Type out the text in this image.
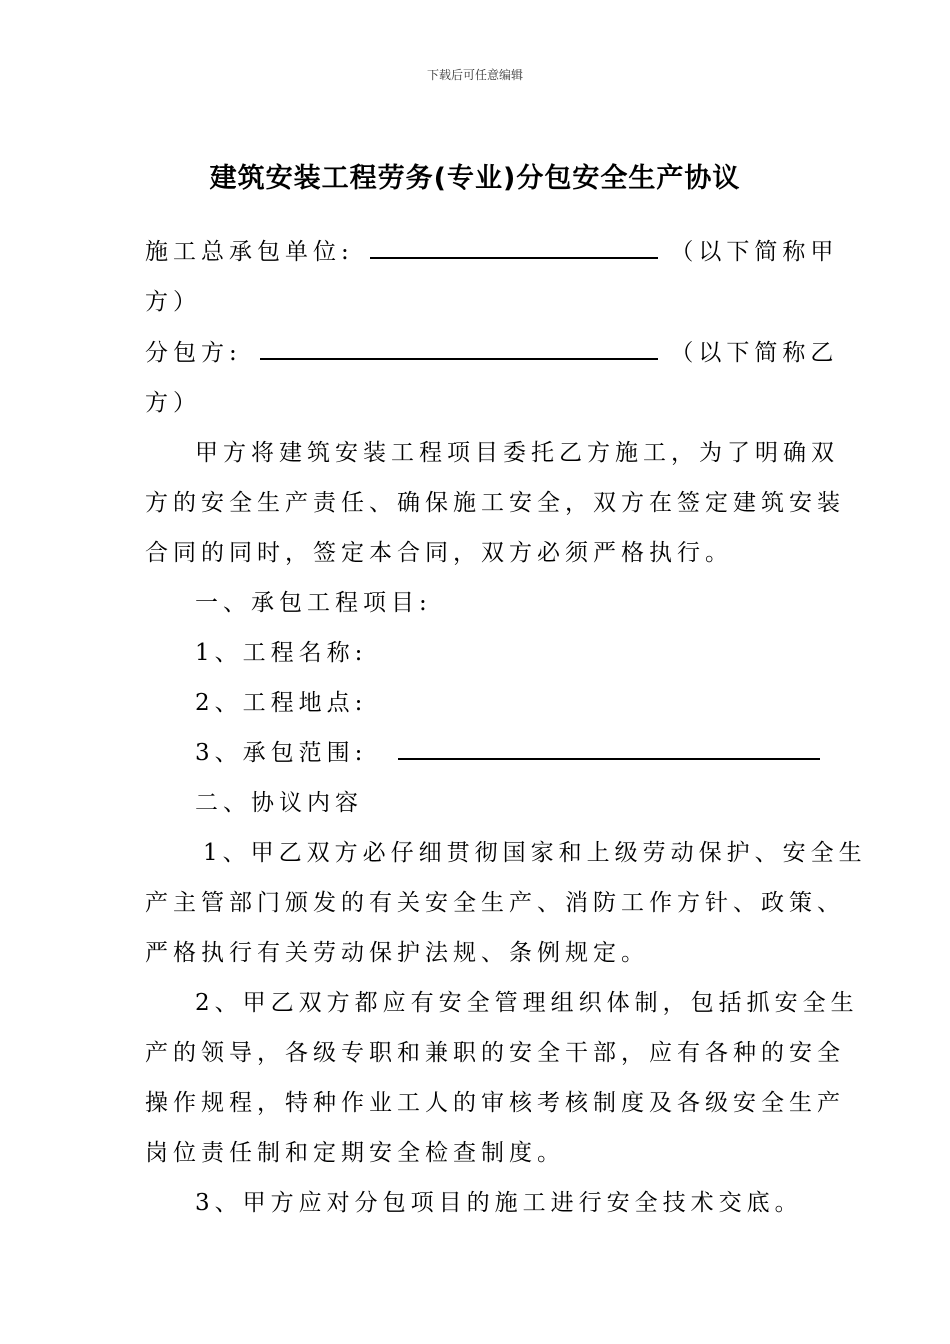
下载后可任意编辑
建筑安装工程劳务(专业)分包安全生产协议
施工总承包单位:	（以下简称甲
方）
分包方:	（以下简称乙
方）
甲方将建筑安装工程项目委托乙方施工，为了明确双
方的安全生产责任、确保施工安全，双方在签定建筑安装
合同的同时，签定本合同，双方必须严格执行。
一、承包工程项目:
1、工程名称:
2、工程地点:
3、承包范围:
二、协议内容
1、甲乙双方必仔细贯彻国家和上级劳动保护、安全生
产主管部门颁发的有关安全生产、消防工作方针、政策、
严格执行有关劳动保护法规、条例规定。
2、甲乙双方都应有安全管理组织体制，包括抓安全生
产的领导，各级专职和兼职的安全干部，应有各种的安全
操作规程，特种作业工人的审核考核制度及各级安全生产
岗位责任制和定期安全检查制度。
3、甲方应对分包项目的施工进行安全技术交底。
